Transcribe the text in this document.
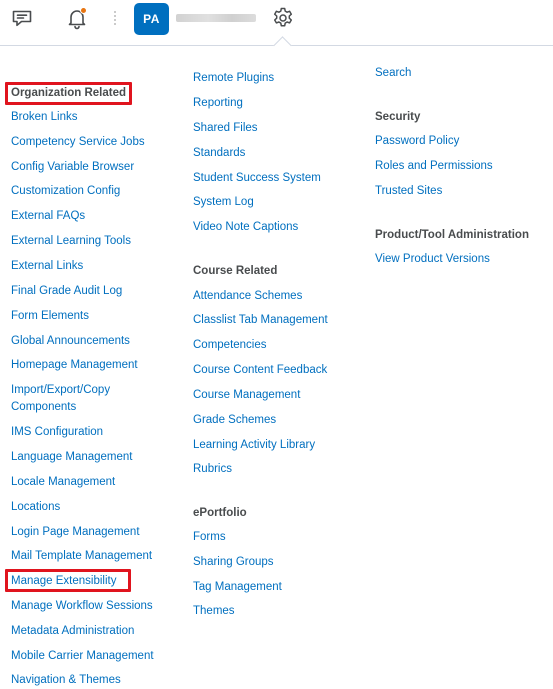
PA
Organization Related
Broken Links
Competency Service Jobs
Config Variable Browser
Customization Config
External FAQs
External Learning Tools
External Links
Final Grade Audit Log
Form Elements
Global Announcements
Homepage Management
Import/Export/Copy
Components
IMS Configuration
Language Management
Locale Management
Locations
Login Page Management
Mail Template Management
Manage Extensibility
Manage Workflow Sessions
Metadata Administration
Mobile Carrier Management
Navigation & Themes
Remote Plugins
Reporting
Shared Files
Standards
Student Success System
System Log
Video Note Captions
Course Related
Attendance Schemes
Classlist Tab Management
Competencies
Course Content Feedback
Course Management
Grade Schemes
Learning Activity Library
Rubrics
ePortfolio
Forms
Sharing Groups
Tag Management
Themes
Search
Security
Password Policy
Roles and Permissions
Trusted Sites
Product/Tool Administration
View Product Versions
